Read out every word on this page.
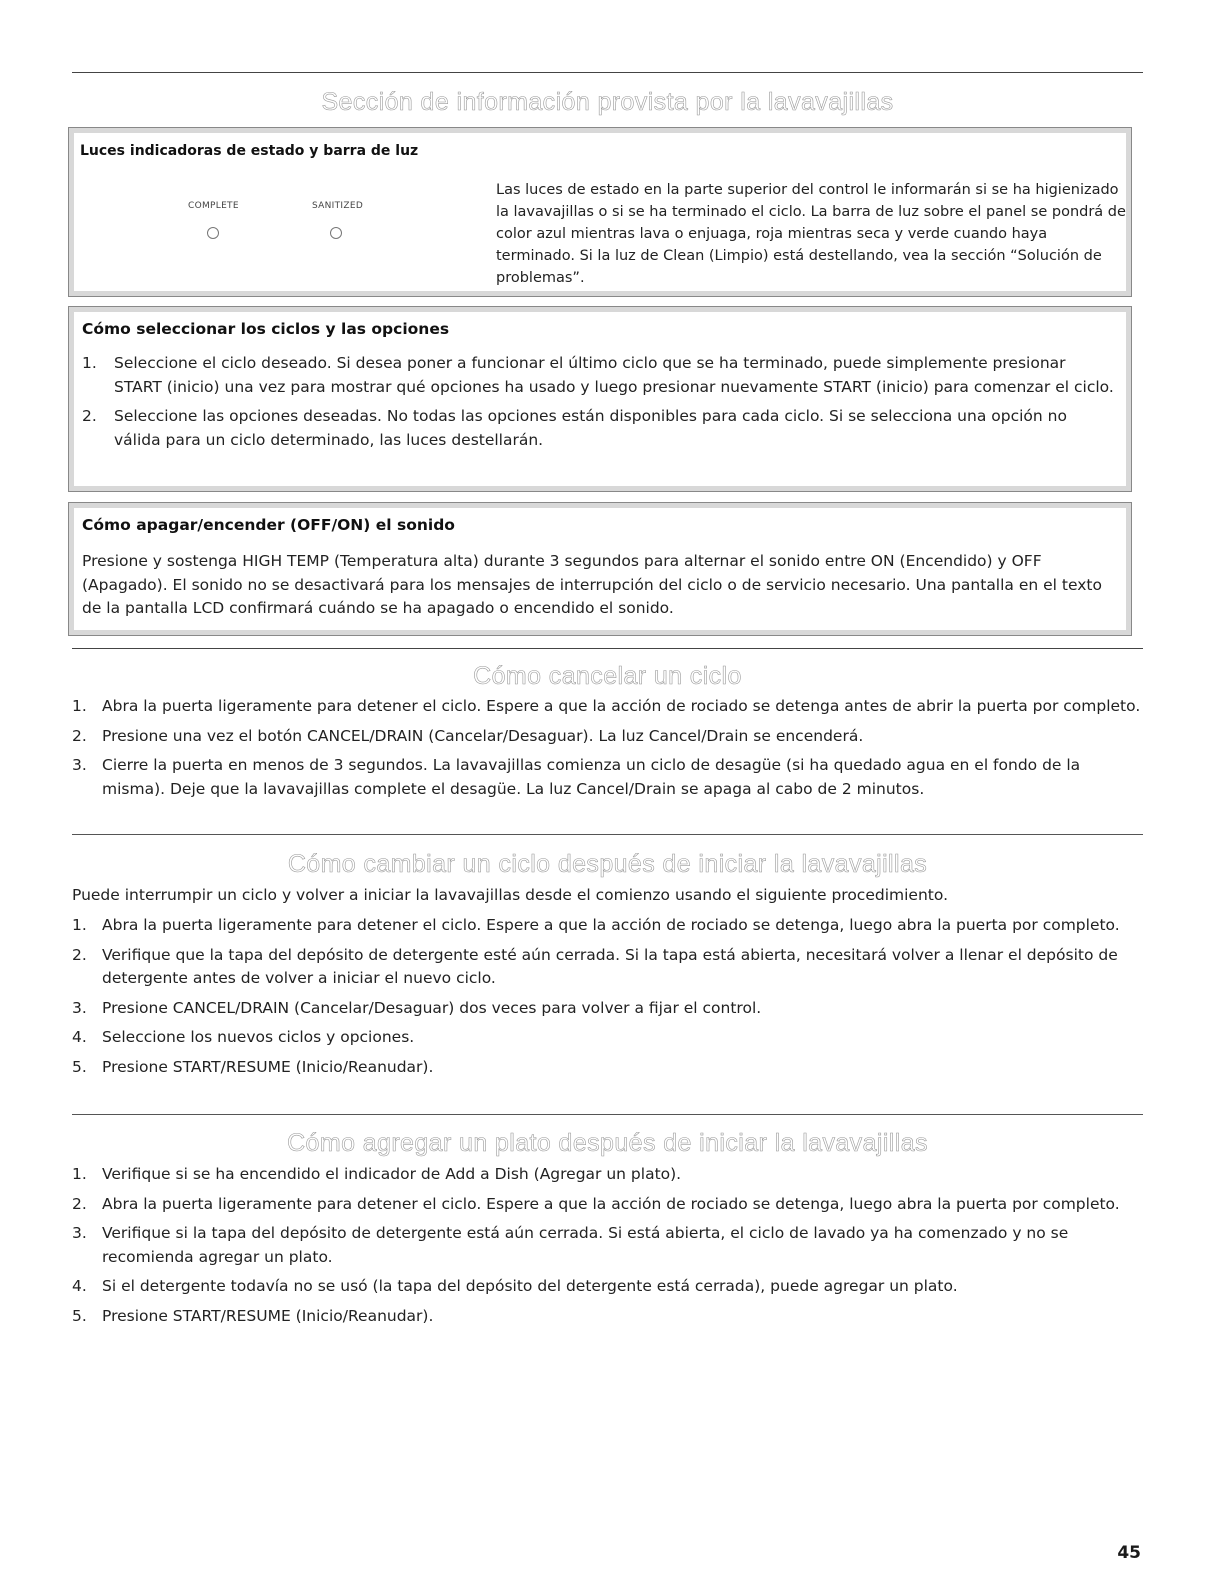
Sección de información provista por la lavavajillas
Luces indicadoras de estado y barra de luz
COMPLETE	SANITIZED

Las luces de estado en la parte superior del control le informarán si se ha higienizado la lavavajillas o si se ha terminado el ciclo. La barra de luz sobre el panel se pondrá de color azul mientras lava o enjuaga, roja mientras seca y verde cuando haya terminado. Si la luz de Clean (Limpio) está destellando, vea la sección “Solución de problemas”.

Cómo seleccionar los ciclos y las opciones
1. Seleccione el ciclo deseado. Si desea poner a funcionar el último ciclo que se ha terminado, puede simplemente presionar START (inicio) una vez para mostrar qué opciones ha usado y luego presionar nuevamente START (inicio) para comenzar el ciclo.
2. Seleccione las opciones deseadas. No todas las opciones están disponibles para cada ciclo. Si se selecciona una opción no válida para un ciclo determinado, las luces destellarán.
Cómo apagar/encender (OFF/ON) el sonido

Presione y sostenga HIGH TEMP (Temperatura alta) durante 3 segundos para alternar el sonido entre ON (Encendido) y OFF (Apagado). El sonido no se desactivará para los mensajes de interrupción del ciclo o de servicio necesario. Una pantalla en el texto de la pantalla LCD confirmará cuándo se ha apagado o encendido el sonido.

Cómo cancelar un ciclo
1. Abra la puerta ligeramente para detener el ciclo. Espere a que la acción de rociado se detenga antes de abrir la puerta por completo.
2. Presione una vez el botón CANCEL/DRAIN (Cancelar/Desaguar). La luz Cancel/Drain se encenderá.
3. Cierre la puerta en menos de 3 segundos. La lavavajillas comienza un ciclo de desagüe (si ha quedado agua en el fondo de la misma). Deje que la lavavajillas complete el desagüe. La luz Cancel/Drain se apaga al cabo de 2 minutos.
Cómo cambiar un ciclo después de iniciar la lavavajillas

Puede interrumpir un ciclo y volver a iniciar la lavavajillas desde el comienzo usando el siguiente procedimiento.

1. Abra la puerta ligeramente para detener el ciclo. Espere a que la acción de rociado se detenga, luego abra la puerta por completo.
2. Verifique que la tapa del depósito de detergente esté aún cerrada. Si la tapa está abierta, necesitará volver a llenar el depósito de detergente antes de volver a iniciar el nuevo ciclo.
3. Presione CANCEL/DRAIN (Cancelar/Desaguar) dos veces para volver a fijar el control.
4. Seleccione los nuevos ciclos y opciones.
5. Presione START/RESUME (Inicio/Reanudar).
Cómo agregar un plato después de iniciar la lavavajillas
1. Verifique si se ha encendido el indicador de Add a Dish (Agregar un plato).
2. Abra la puerta ligeramente para detener el ciclo. Espere a que la acción de rociado se detenga, luego abra la puerta por completo.
3. Verifique si la tapa del depósito de detergente está aún cerrada. Si está abierta, el ciclo de lavado ya ha comenzado y no se recomienda agregar un plato.
4. Si el detergente todavía no se usó (la tapa del depósito del detergente está cerrada), puede agregar un plato.
5. Presione START/RESUME (Inicio/Reanudar).
45
